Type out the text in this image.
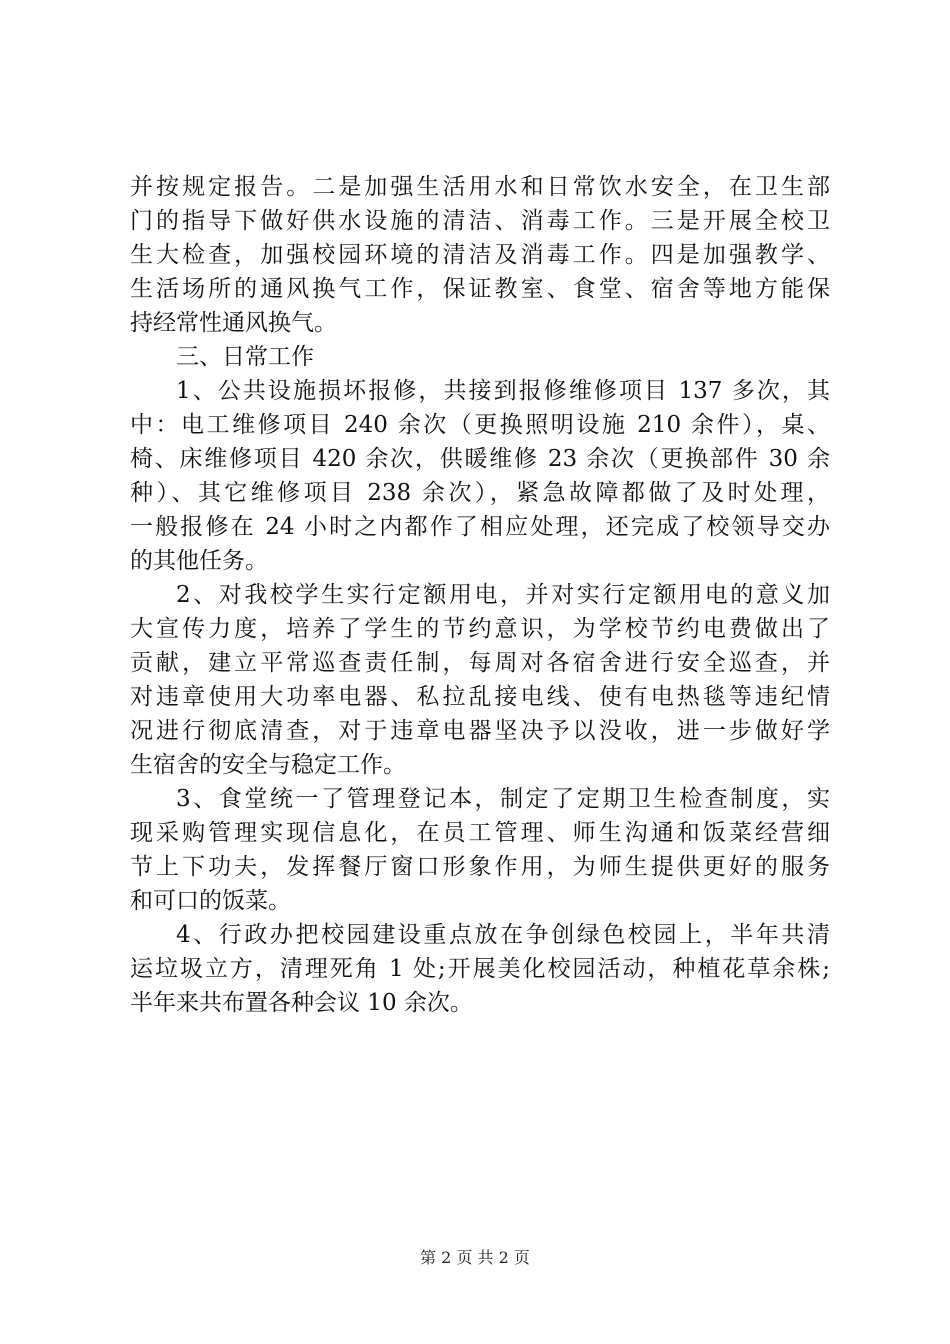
并按规定报告。二是加强生活用水和日常饮水安全，在卫生部
门的指导下做好供水设施的清洁、消毒工作。三是开展全校卫
生大检查，加强校园环境的清洁及消毒工作。四是加强教学、
生活场所的通风换气工作，保证教室、食堂、宿舍等地方能保
持经常性通风换气。
三、日常工作
1、公共设施损坏报修，共接到报修维修项目 137 多次，其
中：电工维修项目 240 余次（更换照明设施 210 余件），桌、
椅、床维修项目 420 余次，供暖维修 23 余次（更换部件 30 余
种）、其它维修项目 238 余次），紧急故障都做了及时处理，
一般报修在 24 小时之内都作了相应处理，还完成了校领导交办
的其他任务。
2、对我校学生实行定额用电，并对实行定额用电的意义加
大宣传力度，培养了学生的节约意识，为学校节约电费做出了
贡献，建立平常巡查责任制，每周对各宿舍进行安全巡查，并
对违章使用大功率电器、私拉乱接电线、使有电热毯等违纪情
况进行彻底清查，对于违章电器坚决予以没收，进一步做好学
生宿舍的安全与稳定工作。
3、食堂统一了管理登记本，制定了定期卫生检查制度，实
现采购管理实现信息化，在员工管理、师生沟通和饭菜经营细
节上下功夫，发挥餐厅窗口形象作用，为师生提供更好的服务
和可口的饭菜。
4、行政办把校园建设重点放在争创绿色校园上，半年共清
运垃圾立方，清理死角 1 处;开展美化校园活动，种植花草余株;
半年来共布置各种会议 10 余次。
第 2 页 共 2 页
